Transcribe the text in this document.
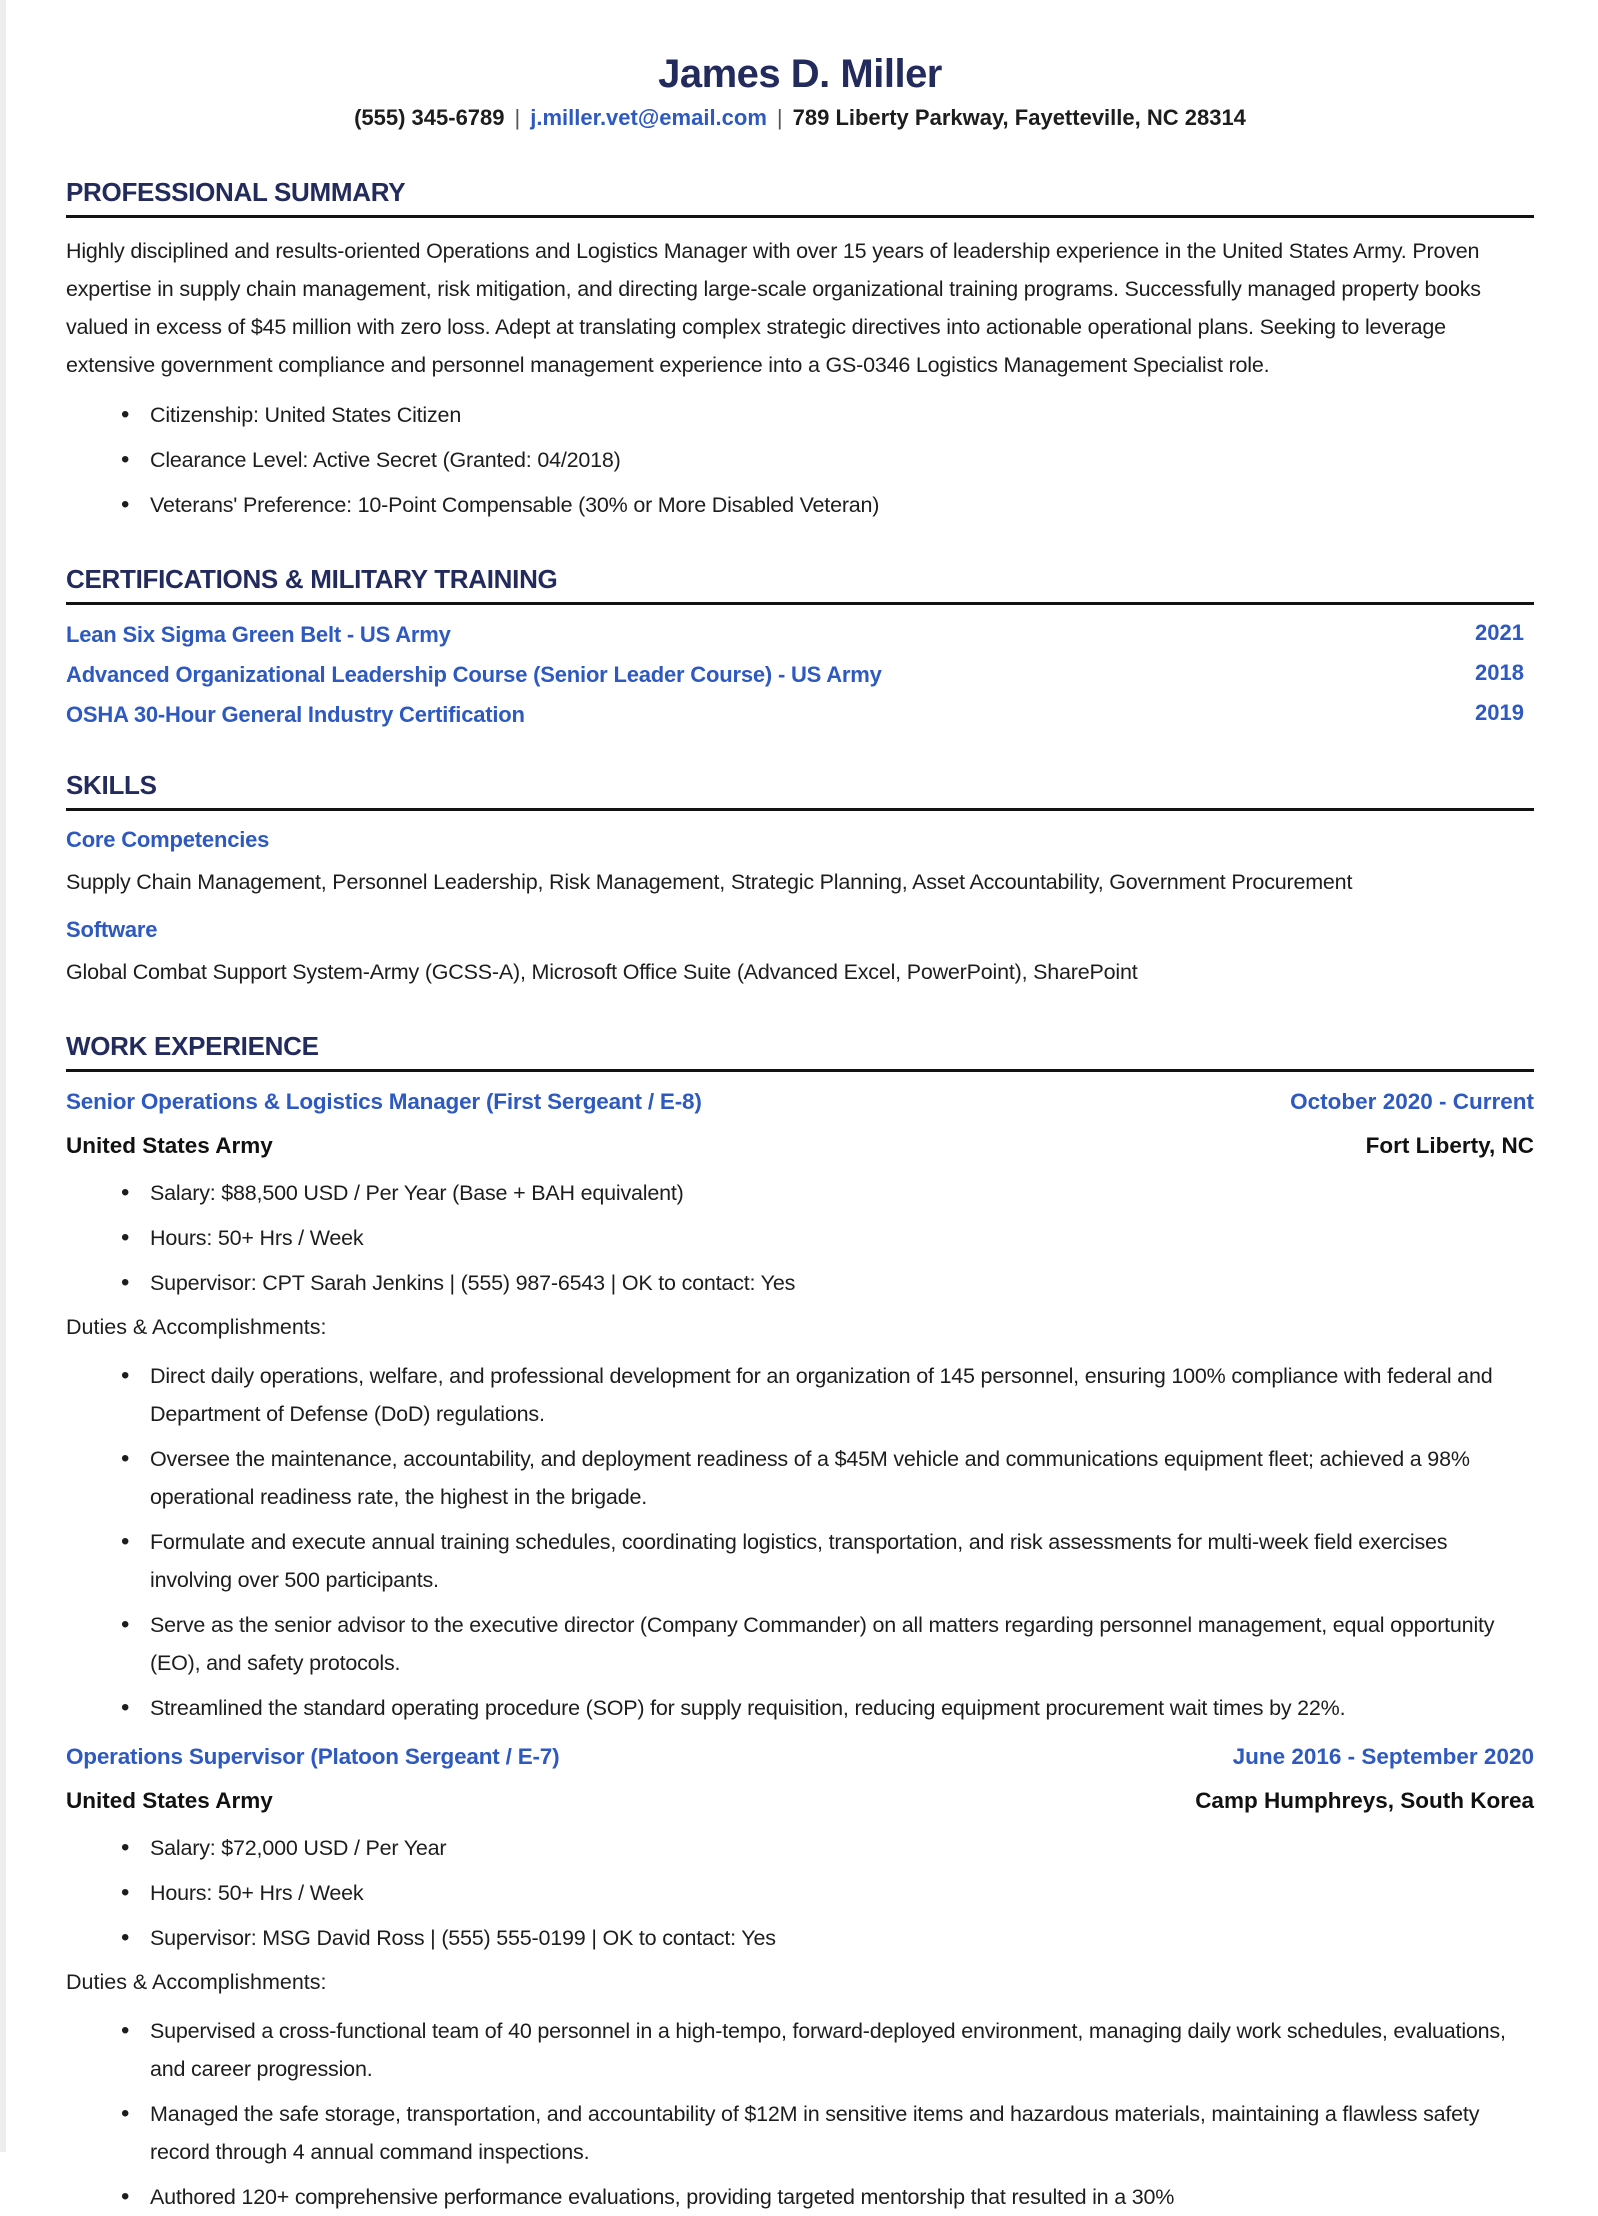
James D. Miller
(555) 345-6789 | j.miller.vet@email.com | 789 Liberty Parkway, Fayetteville, NC 28314
PROFESSIONAL SUMMARY
Highly disciplined and results-oriented Operations and Logistics Manager with over 15 years of leadership experience in the United States Army. Proven expertise in supply chain management, risk mitigation, and directing large-scale organizational training programs. Successfully managed property books valued in excess of $45 million with zero loss. Adept at translating complex strategic directives into actionable operational plans. Seeking to leverage extensive government compliance and personnel management experience into a GS-0346 Logistics Management Specialist role.
• Citizenship: United States Citizen
• Clearance Level: Active Secret (Granted: 04/2018)
• Veterans' Preference: 10-Point Compensable (30% or More Disabled Veteran)
CERTIFICATIONS & MILITARY TRAINING
Lean Six Sigma Green Belt - US Army	2021
Advanced Organizational Leadership Course (Senior Leader Course) - US Army	2018
OSHA 30-Hour General Industry Certification	2019
SKILLS
Core Competencies
Supply Chain Management, Personnel Leadership, Risk Management, Strategic Planning, Asset Accountability, Government Procurement
Software
Global Combat Support System-Army (GCSS-A), Microsoft Office Suite (Advanced Excel, PowerPoint), SharePoint
WORK EXPERIENCE
Senior Operations & Logistics Manager (First Sergeant / E-8)	October 2020 - Current
United States Army	Fort Liberty, NC
• Salary: $88,500 USD / Per Year (Base + BAH equivalent)
• Hours: 50+ Hrs / Week
• Supervisor: CPT Sarah Jenkins | (555) 987-6543 | OK to contact: Yes
Duties & Accomplishments:
• Direct daily operations, welfare, and professional development for an organization of 145 personnel, ensuring 100% compliance with federal and Department of Defense (DoD) regulations.
• Oversee the maintenance, accountability, and deployment readiness of a $45M vehicle and communications equipment fleet; achieved a 98% operational readiness rate, the highest in the brigade.
• Formulate and execute annual training schedules, coordinating logistics, transportation, and risk assessments for multi-week field exercises involving over 500 participants.
• Serve as the senior advisor to the executive director (Company Commander) on all matters regarding personnel management, equal opportunity (EO), and safety protocols.
• Streamlined the standard operating procedure (SOP) for supply requisition, reducing equipment procurement wait times by 22%.
Operations Supervisor (Platoon Sergeant / E-7)	June 2016 - September 2020
United States Army	Camp Humphreys, South Korea
• Salary: $72,000 USD / Per Year
• Hours: 50+ Hrs / Week
• Supervisor: MSG David Ross | (555) 555-0199 | OK to contact: Yes
Duties & Accomplishments:
• Supervised a cross-functional team of 40 personnel in a high-tempo, forward-deployed environment, managing daily work schedules, evaluations, and career progression.
• Managed the safe storage, transportation, and accountability of $12M in sensitive items and hazardous materials, maintaining a flawless safety record through 4 annual command inspections.
• Authored 120+ comprehensive performance evaluations, providing targeted mentorship that resulted in a 30%
